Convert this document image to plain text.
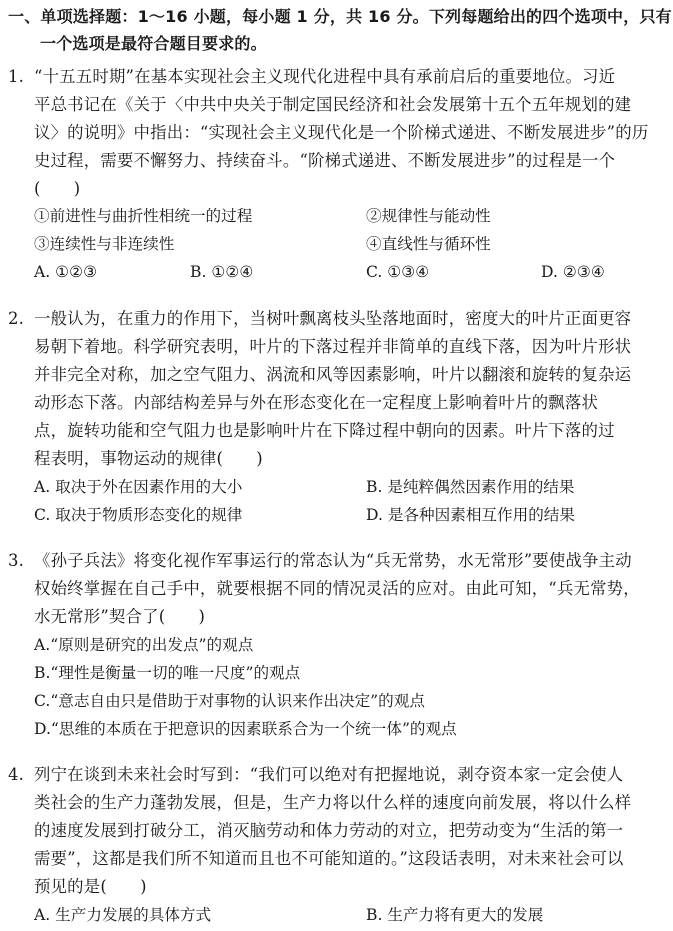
一、单项选择题：1～16 小题，每小题 1 分，共 16 分。下列每题给出的四个选项中，只有
一个选项是最符合题目要求的。
1. “十五五时期”在基本实现社会主义现代化进程中具有承前启后的重要地位。习近
平总书记在《关于〈中共中央关于制定国民经济和社会发展第十五个五年规划的建
议〉的说明》中指出：“实现社会主义现代化是一个阶梯式递进、不断发展进步”的历
史过程，需要不懈努力、持续奋斗。“阶梯式递进、不断发展进步”的过程是一个
(　　)
①前进性与曲折性相统一的过程	②规律性与能动性
③连续性与非连续性	④直线性与循环性
A. ①②③	B. ①②④	C. ①③④	D. ②③④
2. 一般认为，在重力的作用下，当树叶飘离枝头坠落地面时，密度大的叶片正面更容
易朝下着地。科学研究表明，叶片的下落过程并非简单的直线下落，因为叶片形状
并非完全对称，加之空气阻力、涡流和风等因素影响，叶片以翻滚和旋转的复杂运
动形态下落。内部结构差异与外在形态变化在一定程度上影响着叶片的飘落状
点，旋转功能和空气阻力也是影响叶片在下降过程中朝向的因素。叶片下落的过
程表明，事物运动的规律(　　)
A. 取决于外在因素作用的大小	B. 是纯粹偶然因素作用的结果
C. 取决于物质形态变化的规律	D. 是各种因素相互作用的结果
3. 《孙子兵法》将变化视作军事运行的常态认为“兵无常势，水无常形”要使战争主动
权始终掌握在自己手中，就要根据不同的情况灵活的应对。由此可知，“兵无常势，
水无常形”契合了(　　)
A.“原则是研究的出发点”的观点
B.“理性是衡量一切的唯一尺度”的观点
C.“意志自由只是借助于对事物的认识来作出决定”的观点
D.“思维的本质在于把意识的因素联系合为一个统一体”的观点
4. 列宁在谈到未来社会时写到：“我们可以绝对有把握地说，剥夺资本家一定会使人
类社会的生产力蓬勃发展，但是，生产力将以什么样的速度向前发展，将以什么样
的速度发展到打破分工，消灭脑劳动和体力劳动的对立，把劳动变为“生活的第一
需要”，这都是我们所不知道而且也不可能知道的。”这段话表明，对未来社会可以
预见的是(　　)
A. 生产力发展的具体方式	B. 生产力将有更大的发展
